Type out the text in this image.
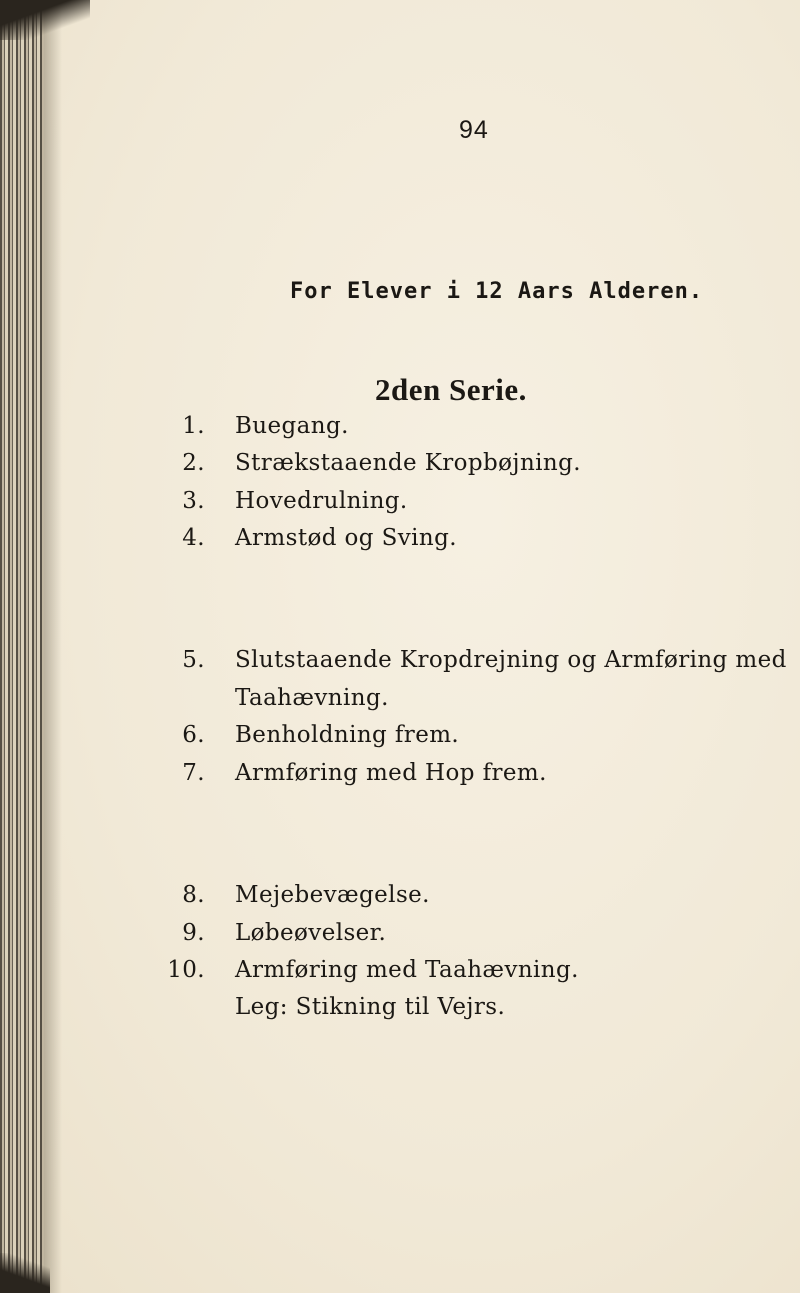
94
For Elever i 12 Aars Alderen.
2den Serie.
1. Buegang.
2. Strækstaaende Kropbøjning.
3. Hovedrulning.
4. Armstød og Sving.
5. Slutstaaende Kropdrejning og Armføring med
Taahævning.
6. Benholdning frem.
7. Armføring med Hop frem.
8. Mejebevægelse.
9. Løbeøvelser.
10. Armføring med Taahævning.
Leg: Stikning til Vejrs.
